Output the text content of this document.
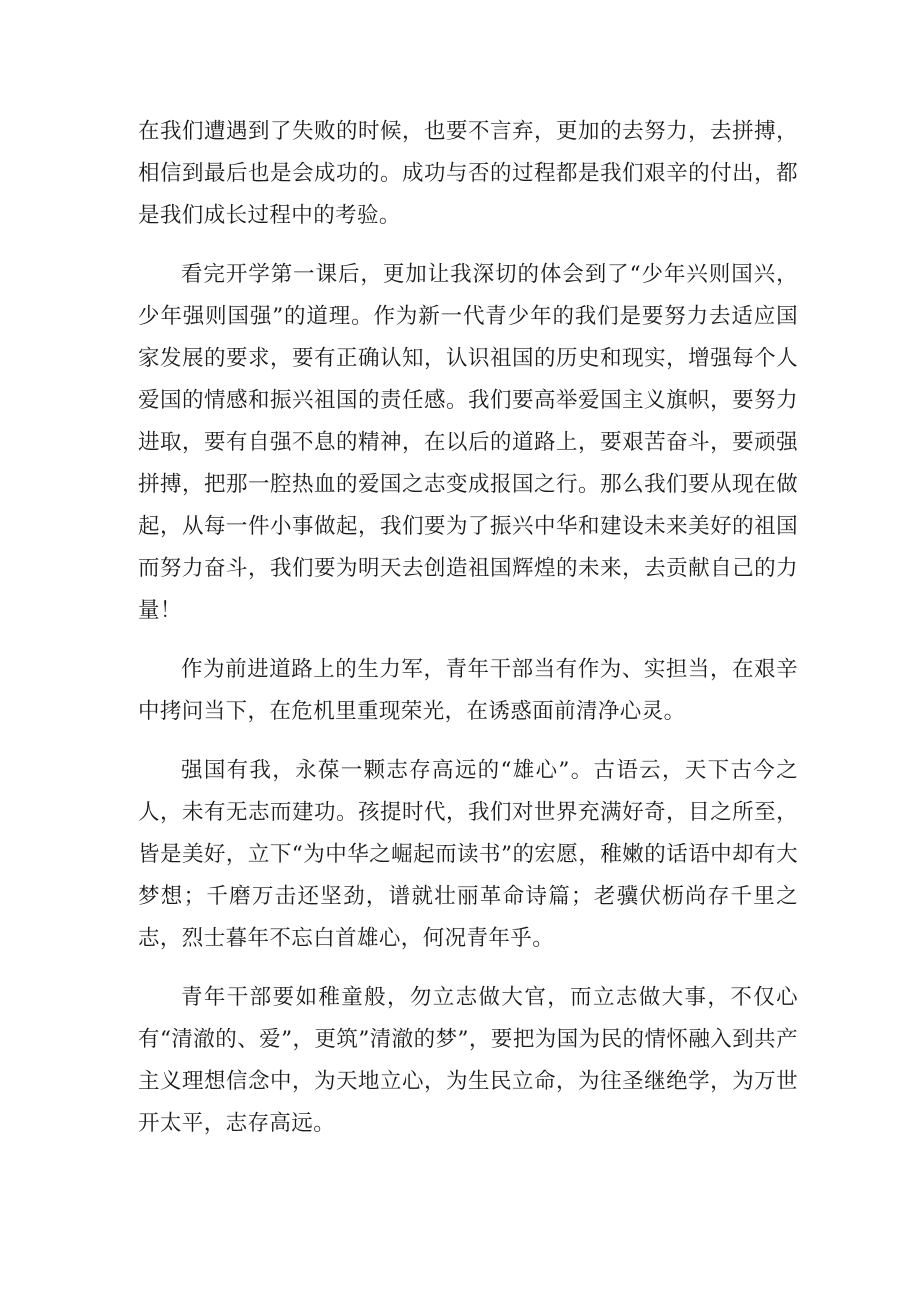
在我们遭遇到了失败的时候，也要不言弃，更加的去努力，去拼搏，相信到最后也是会成功的。成功与否的过程都是我们艰辛的付出，都是我们成长过程中的考验。

看完开学第一课后，更加让我深切的体会到了“少年兴则国兴，少年强则国强”的道理。作为新一代青少年的我们是要努力去适应国家发展的要求，要有正确认知，认识祖国的历史和现实，增强每个人爱国的情感和振兴祖国的责任感。我们要高举爱国主义旗帜，要努力进取，要有自强不息的精神，在以后的道路上，要艰苦奋斗，要顽强拼搏，把那一腔热血的爱国之志变成报国之行。那么我们要从现在做起，从每一件小事做起，我们要为了振兴中华和建设未来美好的祖国而努力奋斗，我们要为明天去创造祖国辉煌的未来，去贡献自己的力量！

作为前进道路上的生力军，青年干部当有作为、实担当，在艰辛中拷问当下，在危机里重现荣光，在诱惑面前清净心灵。

强国有我，永葆一颗志存高远的“雄心”。古语云，天下古今之人，未有无志而建功。孩提时代，我们对世界充满好奇，目之所至，皆是美好，立下“为中华之崛起而读书”的宏愿，稚嫩的话语中却有大梦想；千磨万击还坚劲，谱就壮丽革命诗篇；老骥伏枥尚存千里之志，烈士暮年不忘白首雄心，何况青年乎。

青年干部要如稚童般，勿立志做大官，而立志做大事，不仅心有“清澈的、爱”，更筑”清澈的梦”，要把为国为民的情怀融入到共产主义理想信念中，为天地立心，为生民立命，为往圣继绝学，为万世开太平，志存高远。
